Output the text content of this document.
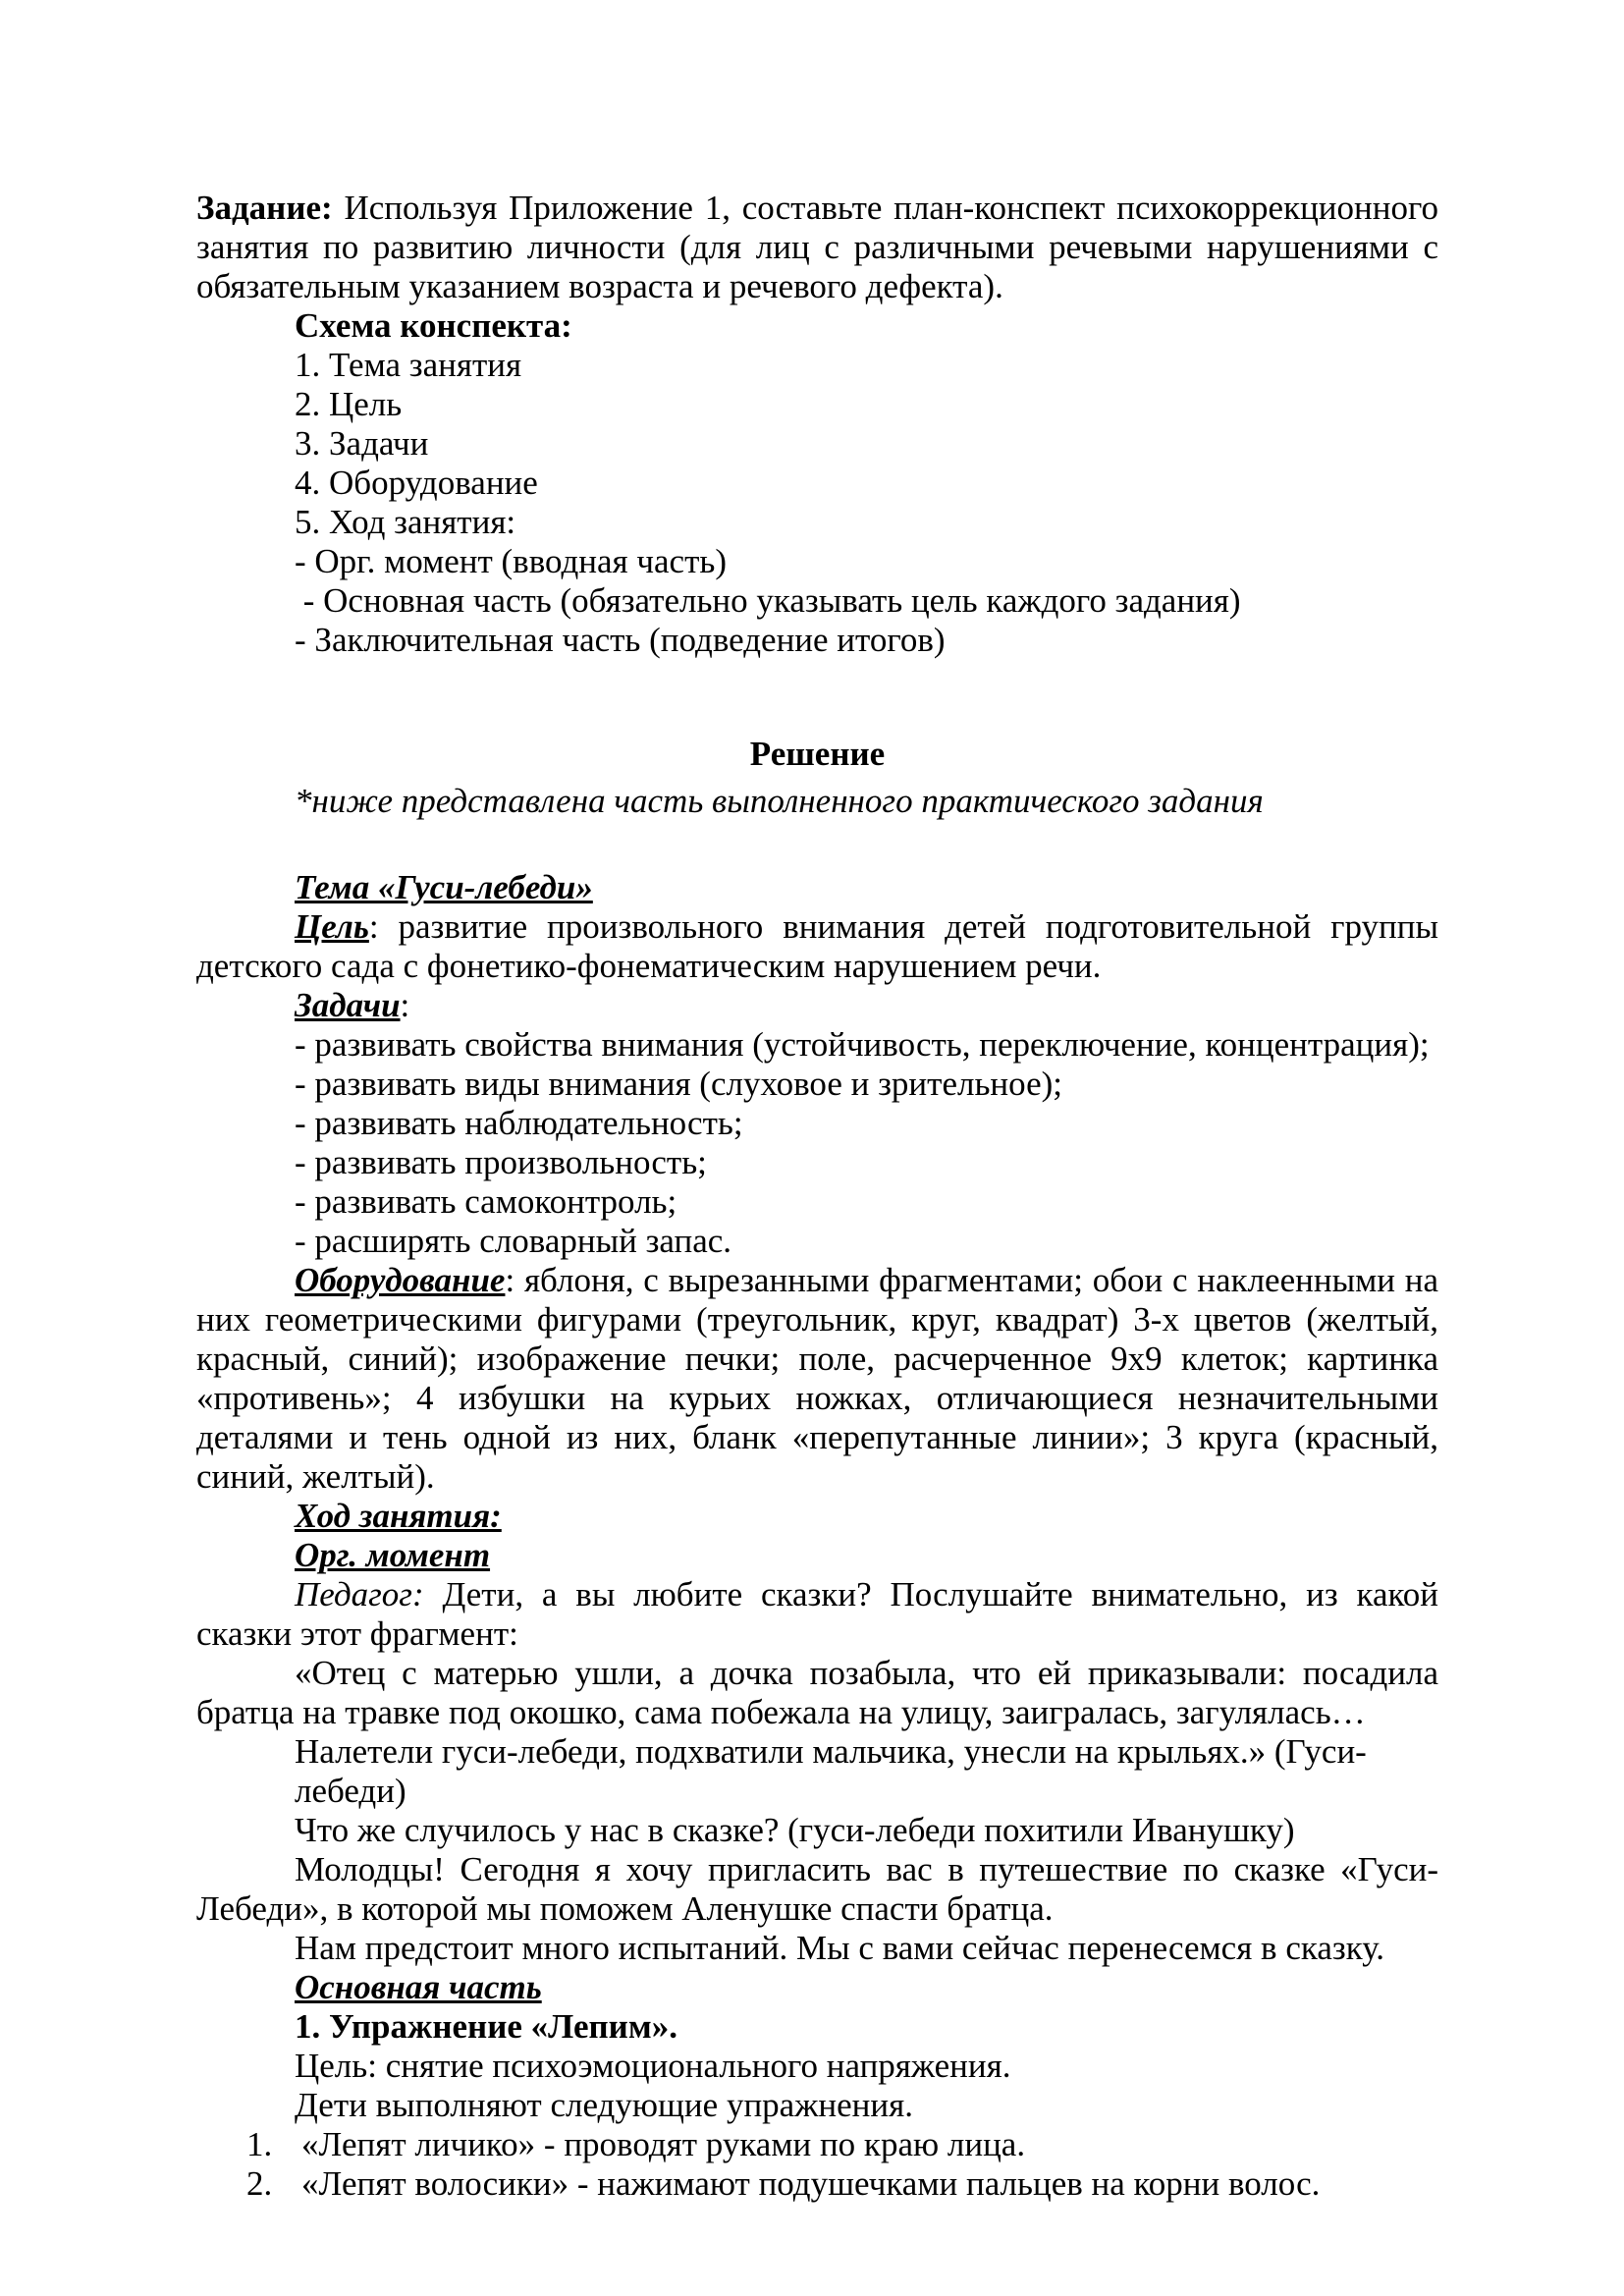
Задание: Используя Приложение 1, составьте план-конспект психокоррекционного занятия по развитию личности (для лиц с различными речевыми нарушениями с обязательным указанием возраста и речевого дефекта).

Схема конспекта:

1. Тема занятия

2. Цель

3. Задачи

4. Оборудование

5. Ход занятия:

- Орг. момент (вводная часть)

- Основная часть (обязательно указывать цель каждого задания)

- Заключительная часть (подведение итогов)

Решение

*ниже представлена часть выполненного практического задания

Тема «Гуси-лебеди»

Цель: развитие произвольного внимания детей подготовительной группы детского сада с фонетико-фонематическим нарушением речи.

Задачи:

- развивать свойства внимания (устойчивость, переключение, концентрация);

- развивать виды внимания (слуховое и зрительное);

- развивать наблюдательность;

- развивать произвольность;

- развивать самоконтроль;

- расширять словарный запас.

Оборудование: яблоня, с вырезанными фрагментами; обои с наклеенными на них геометрическими фигурами (треугольник, круг, квадрат) 3-х цветов (желтый, красный, синий); изображение печки; поле, расчерченное 9х9 клеток; картинка «противень»; 4 избушки на курьих ножках, отличающиеся незначительными деталями и тень одной из них, бланк «перепутанные линии»; 3 круга (красный, синий, желтый).

Ход занятия:

Орг. момент

Педагог: Дети, а вы любите сказки? Послушайте внимательно, из какой сказки этот фрагмент:

«Отец с матерью ушли, а дочка позабыла, что ей приказывали: посадила братца на травке под окошко, сама побежала на улицу, заигралась, загулялась…

Налетели гуси-лебеди, подхватили мальчика, унесли на крыльях.» (Гуси-лебеди)

Что же случилось у нас в сказке? (гуси-лебеди похитили Иванушку)

Молодцы! Сегодня я хочу пригласить вас в путешествие по сказке «Гуси-Лебеди», в которой мы поможем Аленушке спасти братца.

Нам предстоит много испытаний. Мы с вами сейчас перенесемся в сказку.

Основная часть

1. Упражнение «Лепим».

Цель: снятие психоэмоционального напряжения.

Дети выполняют следующие упражнения.

1. «Лепят личико» - проводят руками по краю лица.

2. «Лепят волосики» - нажимают подушечками пальцев на корни волос.
